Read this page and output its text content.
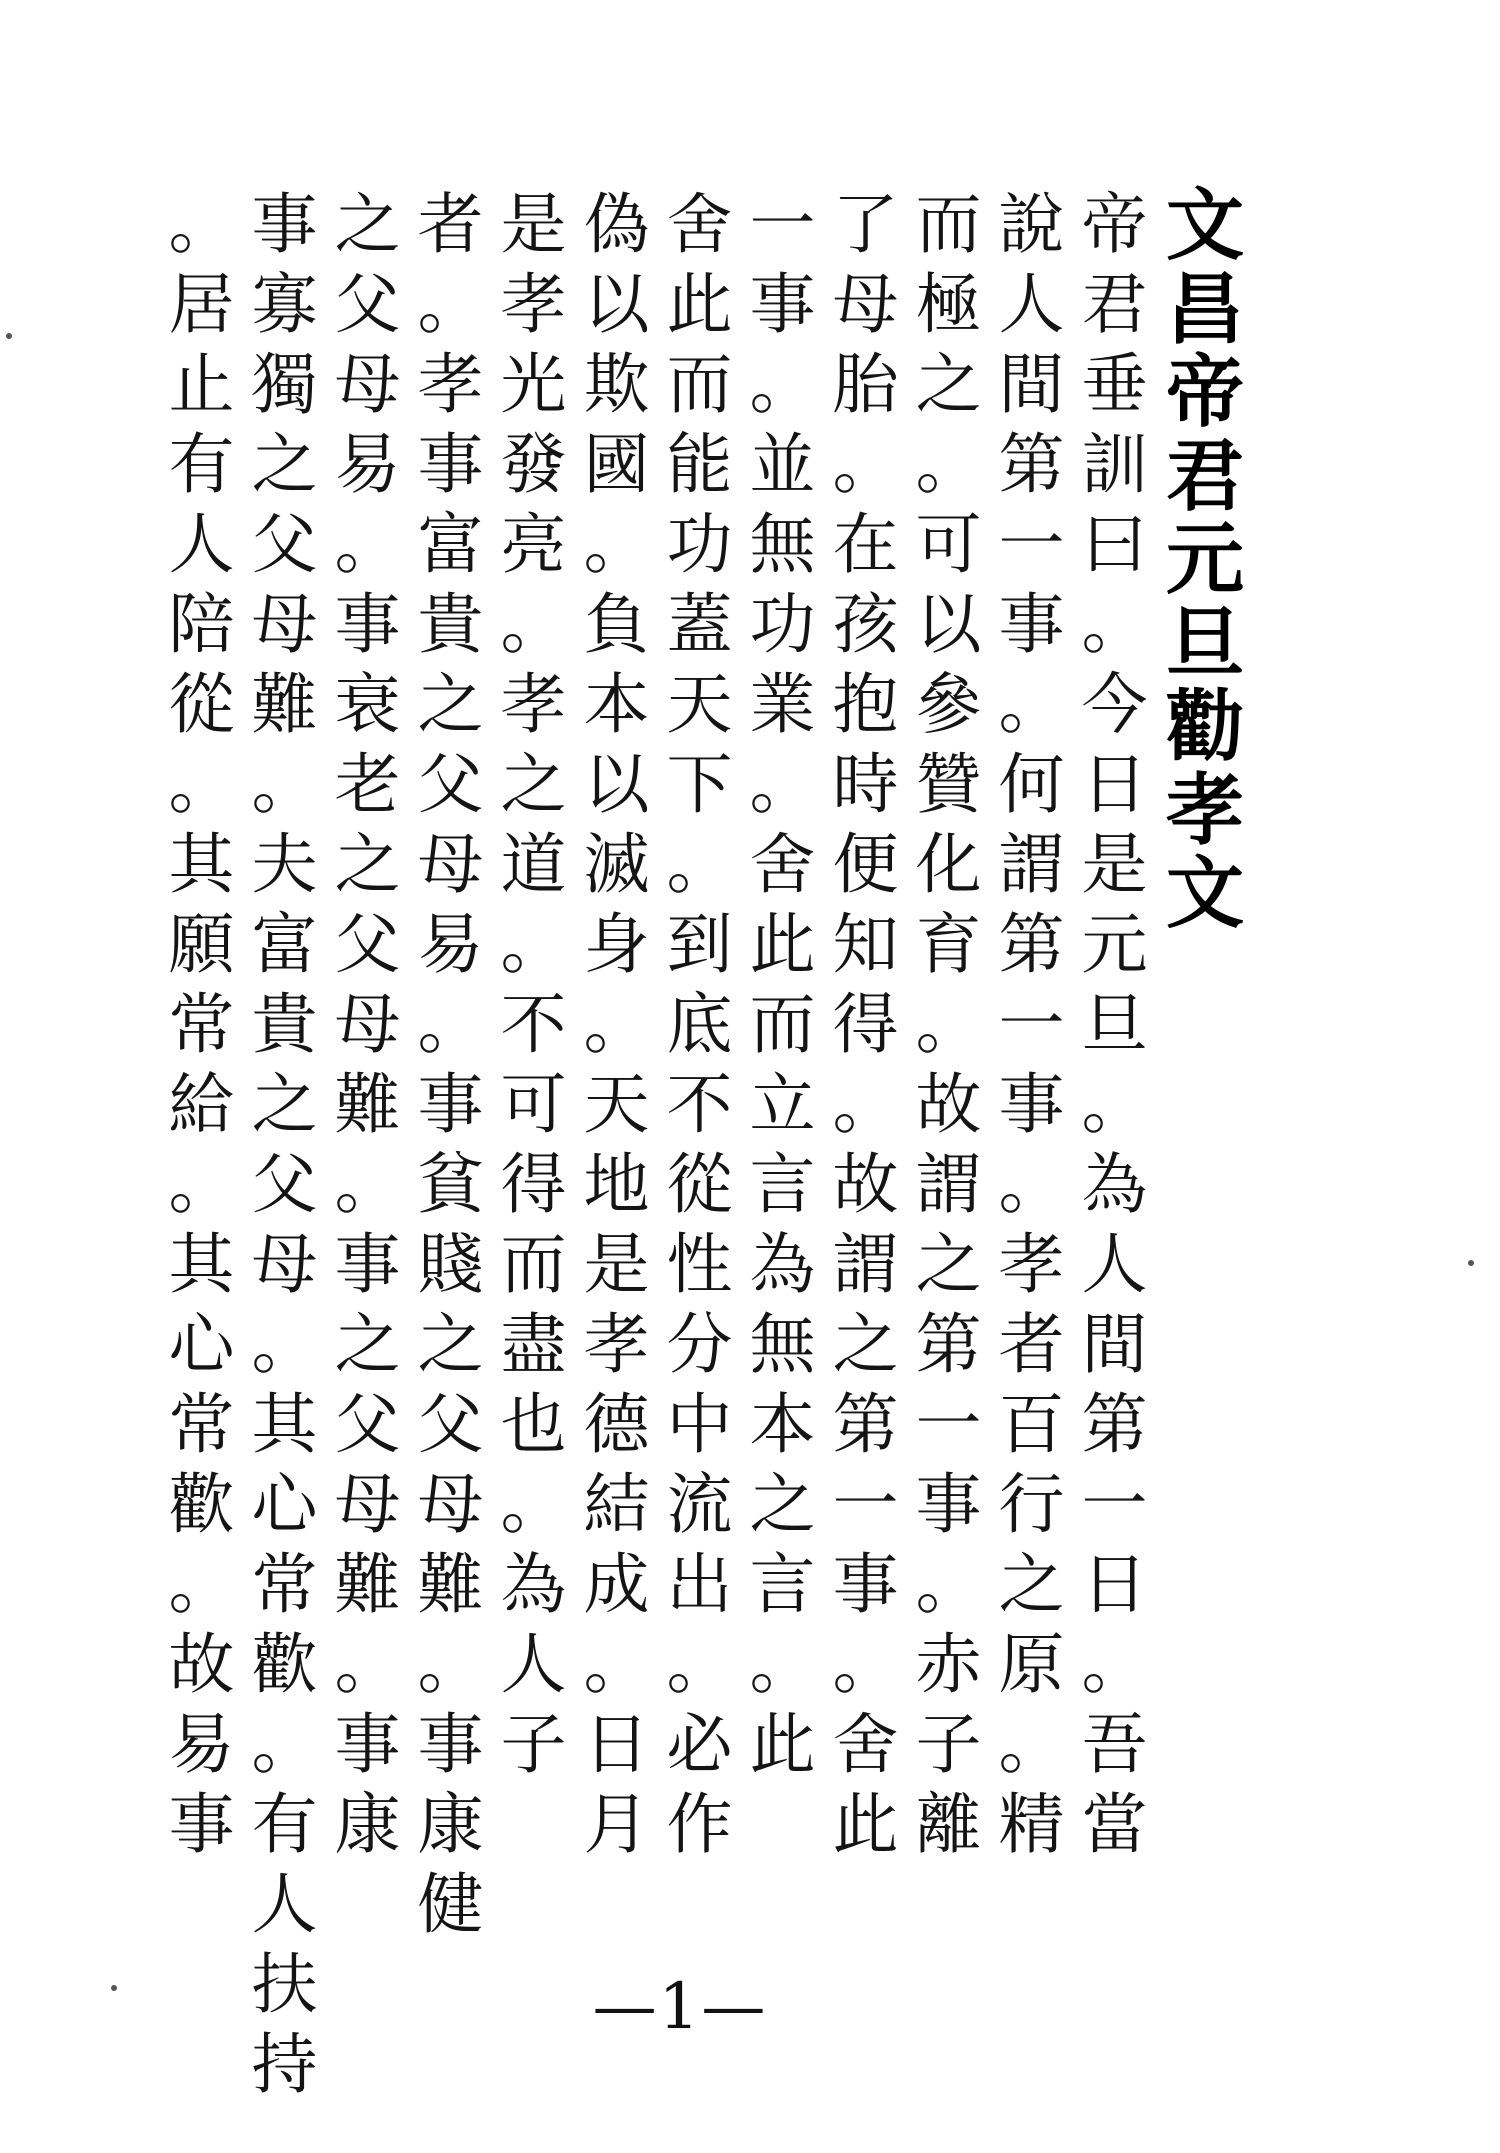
文
昌
帝
君
元
旦
勸
孝
文
帝
君
垂
訓
曰
。
今
日
是
元
旦
。
為
人
間
第
一
日
。
吾
當
說
人
間
第
一
事
。
何
謂
第
一
事
。
孝
者
百
行
之
原
。
精
而
極
之
。
可
以
參
贊
化
育
。
故
謂
之
第
一
事
。
赤
子
離
了
母
胎
。
在
孩
抱
時
便
知
得
。
故
謂
之
第
一
事
。
舍
此
一
事
。
並
無
功
業
。
舍
此
而
立
言
為
無
本
之
言
。
此
舍
此
而
能
功
蓋
天
下
。
到
底
不
從
性
分
中
流
出
。
必
作
偽
以
欺
國
。
負
本
以
滅
身
。
天
地
是
孝
德
結
成
。
日
月
是
孝
光
發
亮
。
孝
之
道
。
不
可
得
而
盡
也
。
為
人
子
者
。
孝
事
富
貴
之
父
母
易
。
事
貧
賤
之
父
母
難
。
事
康
健
之
父
母
易
。
事
衰
老
之
父
母
難
。
事
之
父
母
難
。
事
康
事
寡
獨
之
父
母
難
。
夫
富
貴
之
父
母
。
其
心
常
歡
。
有
人
扶
持
。
居
止
有
人
陪
從
。
其
願
常
給
。
其
心
常
歡
。
故
易
事
—1—
